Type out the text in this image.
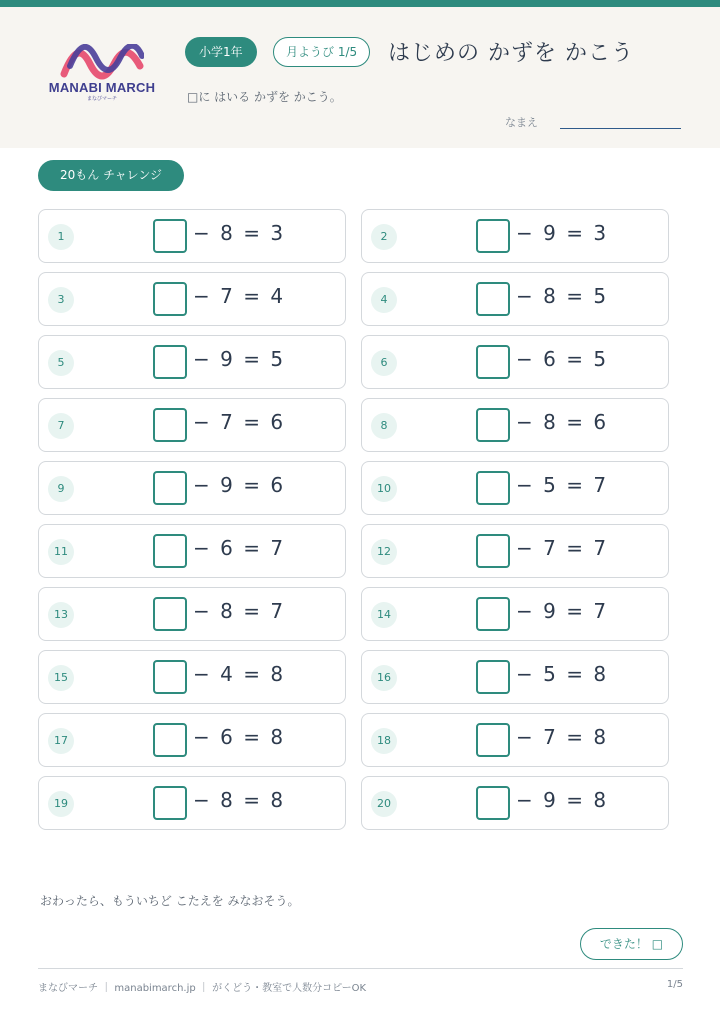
MANABI MARCH
まなびマーチ
小学1年	月ようび 1/5	はじめの かずを かこう
□に はいる かずを かこう。
なまえ
20もん チャレンジ
1	− 8 = 3	2	− 9 = 3
3	− 7 = 4	4	− 8 = 5
5	− 9 = 5	6	− 6 = 5
7	− 7 = 6	8	− 8 = 6
9	− 9 = 6	10	− 5 = 7
11	− 6 = 7	12	− 7 = 7
13	− 8 = 7	14	− 9 = 7
15	− 4 = 8	16	− 5 = 8
17	− 6 = 8	18	− 7 = 8
19	− 8 = 8	20	− 9 = 8
おわったら、もういちど こたえを みなおそう。
できた！ □
まなびマーチ ｜ manabimarch.jp ｜ がくどう・教室で人数分コピーOK	1/5
